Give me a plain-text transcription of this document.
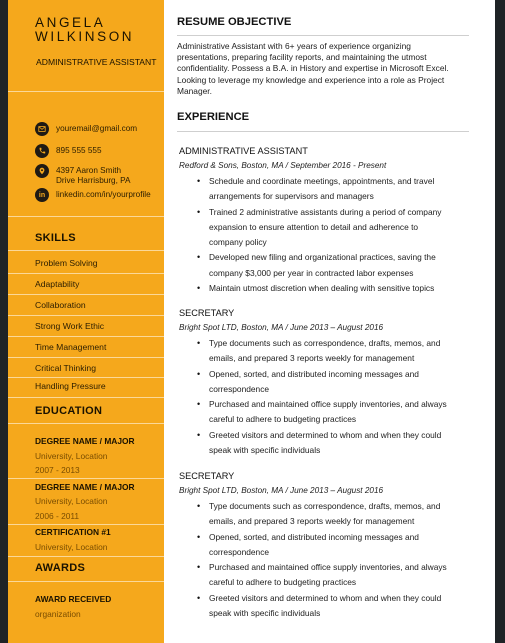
ANGELA
WILKINSON
ADMINISTRATIVE ASSISTANT
youremail@gmail.com
895 555 555
4397 Aaron Smith
Drive Harrisburg, PA
in	linkedin.com/in/yourprofile
SKILLS
Problem Solving
Adaptability
Collaboration
Strong Work Ethic
Time Management
Critical Thinking
Handling Pressure
EDUCATION
DEGREE NAME / MAJOR
University, Location
2007 - 2013
DEGREE NAME / MAJOR
University, Location
2006 - 2011
CERTIFICATION #1
University, Location
AWARDS
AWARD RECEIVED
organization
RESUME OBJECTIVE
Administrative Assistant with 6+ years of experience organizing
presentations, preparing facility reports, and maintaining the utmost
confidentiality. Possess a B.A. in History and expertise in Microsoft Excel.
Looking to leverage my knowledge and experience into a role as Project
Manager.
EXPERIENCE
ADMINISTRATIVE ASSISTANT
Redford & Sons, Boston, MA / September 2016 - Present
• Schedule and coordinate meetings, appointments, and travel
arrangements for supervisors and managers
• Trained 2 administrative assistants during a period of company
expansion to ensure attention to detail and adherence to
company policy
• Developed new filing and organizational practices, saving the
company $3,000 per year in contracted labor expenses
• Maintain utmost discretion when dealing with sensitive topics
SECRETARY
Bright Spot LTD, Boston, MA / June 2013 – August 2016
• Type documents such as correspondence, drafts, memos, and
emails, and prepared 3 reports weekly for management
• Opened, sorted, and distributed incoming messages and
correspondence
• Purchased and maintained office supply inventories, and always
careful to adhere to budgeting practices
• Greeted visitors and determined to whom and when they could
speak with specific individuals
SECRETARY
Bright Spot LTD, Boston, MA / June 2013 – August 2016
• Type documents such as correspondence, drafts, memos, and
emails, and prepared 3 reports weekly for management
• Opened, sorted, and distributed incoming messages and
correspondence
• Purchased and maintained office supply inventories, and always
careful to adhere to budgeting practices
• Greeted visitors and determined to whom and when they could
speak with specific individuals
